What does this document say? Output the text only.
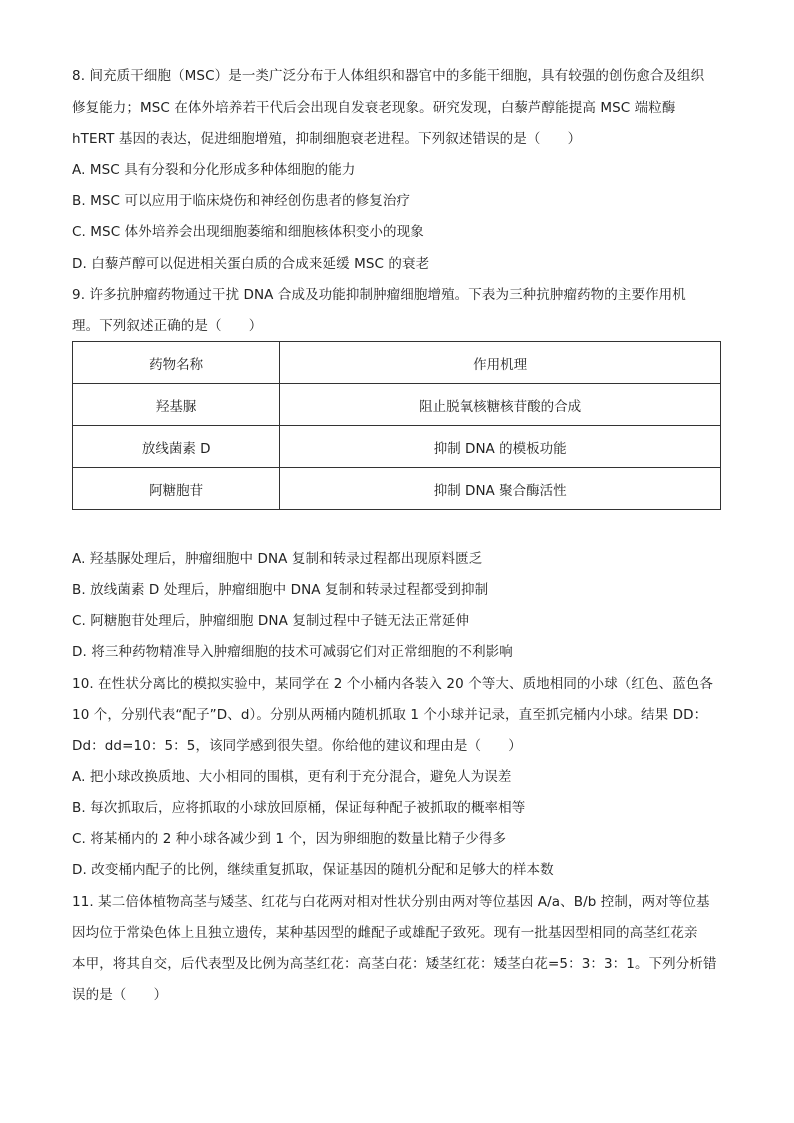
8. 间充质干细胞（MSC）是一类广泛分布于人体组织和器官中的多能干细胞，具有较强的创伤愈合及组织
修复能力；MSC 在体外培养若干代后会出现自发衰老现象。研究发现，白藜芦醇能提高 MSC 端粒酶
hTERT 基因的表达，促进细胞增殖，抑制细胞衰老进程。下列叙述错误的是（　　）
A. MSC 具有分裂和分化形成多种体细胞的能力
B. MSC 可以应用于临床烧伤和神经创伤患者的修复治疗
C. MSC 体外培养会出现细胞萎缩和细胞核体积变小的现象
D. 白藜芦醇可以促进相关蛋白质的合成来延缓 MSC 的衰老
9. 许多抗肿瘤药物通过干扰 DNA 合成及功能抑制肿瘤细胞增殖。下表为三种抗肿瘤药物的主要作用机
理。下列叙述正确的是（　　）
药物名称	作用机理
羟基脲	阻止脱氧核糖核苷酸的合成
放线菌素 D	抑制 DNA 的模板功能
阿糖胞苷	抑制 DNA 聚合酶活性
A. 羟基脲处理后，肿瘤细胞中 DNA 复制和转录过程都出现原料匮乏
B. 放线菌素 D 处理后，肿瘤细胞中 DNA 复制和转录过程都受到抑制
C. 阿糖胞苷处理后，肿瘤细胞 DNA 复制过程中子链无法正常延伸
D. 将三种药物精准导入肿瘤细胞的技术可减弱它们对正常细胞的不利影响
10. 在性状分离比的模拟实验中，某同学在 2 个小桶内各装入 20 个等大、质地相同的小球（红色、蓝色各
10 个，分别代表“配子”D、d）。分别从两桶内随机抓取 1 个小球并记录，直至抓完桶内小球。结果 DD：
Dd：dd=10：5：5，该同学感到很失望。你给他的建议和理由是（　　）
A. 把小球改换质地、大小相同的围棋，更有利于充分混合，避免人为误差
B. 每次抓取后，应将抓取的小球放回原桶，保证每种配子被抓取的概率相等
C. 将某桶内的 2 种小球各减少到 1 个，因为卵细胞的数量比精子少得多
D. 改变桶内配子的比例，继续重复抓取，保证基因的随机分配和足够大的样本数
11. 某二倍体植物高茎与矮茎、红花与白花两对相对性状分别由两对等位基因 A/a、B/b 控制，两对等位基
因均位于常染色体上且独立遗传，某种基因型的雌配子或雄配子致死。现有一批基因型相同的高茎红花亲
本甲，将其自交，后代表型及比例为高茎红花：高茎白花：矮茎红花：矮茎白花=5：3：3：1。下列分析错
误的是（　　）
